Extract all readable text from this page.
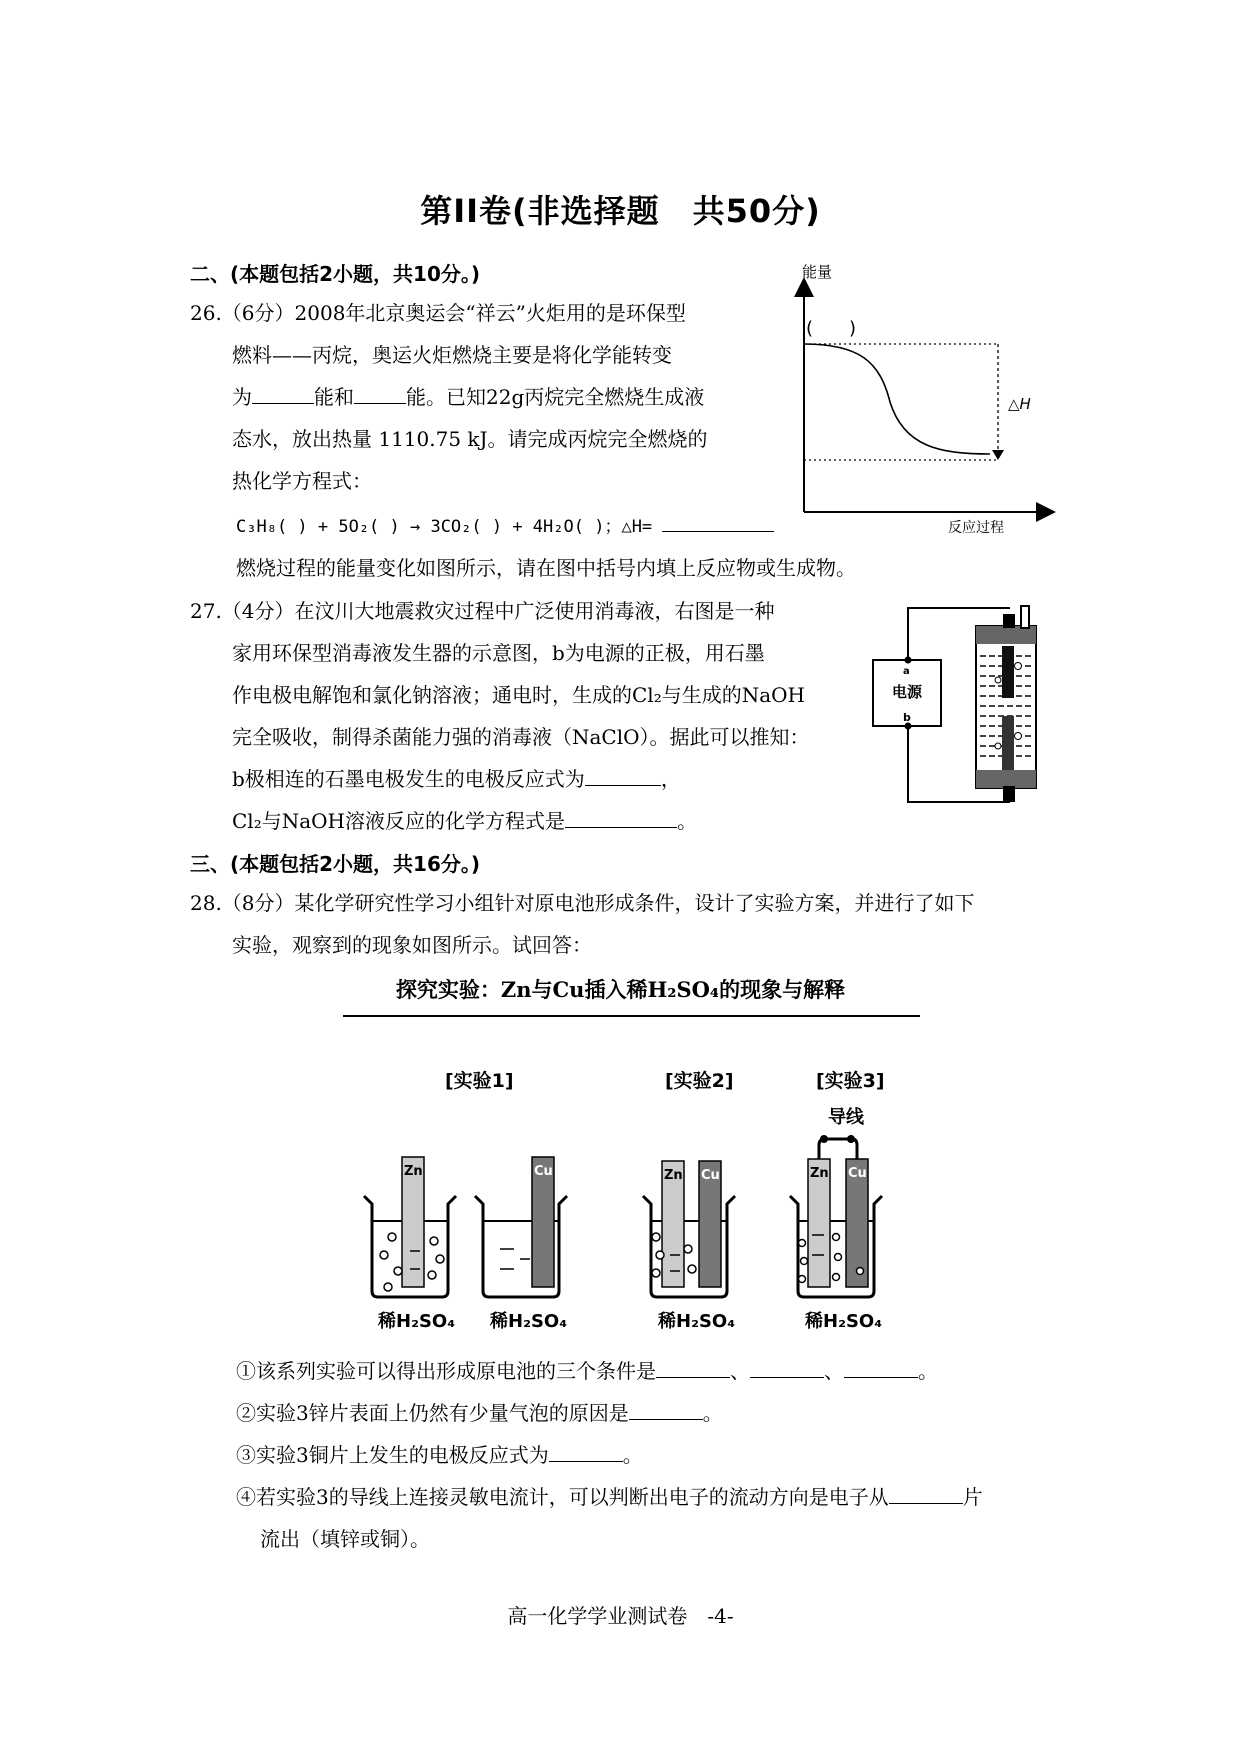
第II卷(非选择题　共50分)
二、(本题包括2小题，共10分。)
26.（6分）2008年北京奥运会“祥云”火炬用的是环保型
燃料——丙烷，奥运火炬燃烧主要是将化学能转变
为	能和	能。已知22g丙烷完全燃烧生成液
态水，放出热量 1110.75 kJ。请完成丙烷完全燃烧的
热化学方程式：
C₃H₈( ) + 5O₂( ) → 3CO₂( ) + 4H₂O( )；△H=
燃烧过程的能量变化如图所示，请在图中括号内填上反应物或生成物。
能量
(　　)
△H
反应过程
27.（4分）在汶川大地震救灾过程中广泛使用消毒液，右图是一种
家用环保型消毒液发生器的示意图，b为电源的正极，用石墨
作电极电解饱和氯化钠溶液；通电时，生成的Cl₂与生成的NaOH
完全吸收，制得杀菌能力强的消毒液（NaClO）。据此可以推知：
b极相连的石墨电极发生的电极反应式为	，
Cl₂与NaOH溶液反应的化学方程式是	。
a
电源
b
三、(本题包括2小题，共16分。)
28.（8分）某化学研究性学习小组针对原电池形成条件，设计了实验方案，并进行了如下
实验，观察到的现象如图所示。试回答：
探究实验：Zn与Cu插入稀H₂SO₄的现象与解释
[实验1]	[实验2]	[实验3]
导线
Zn	Cu	Zn Cu	Zn Cu
稀H₂SO₄ 稀H₂SO₄	稀H₂SO₄	稀H₂SO₄
①该系列实验可以得出形成原电池的三个条件是	、	、	。
②实验3锌片表面上仍然有少量气泡的原因是	。
③实验3铜片上发生的电极反应式为	。
④若实验3的导线上连接灵敏电流计，可以判断出电子的流动方向是电子从	片
流出（填锌或铜）。
高一化学学业测试卷　-4-
